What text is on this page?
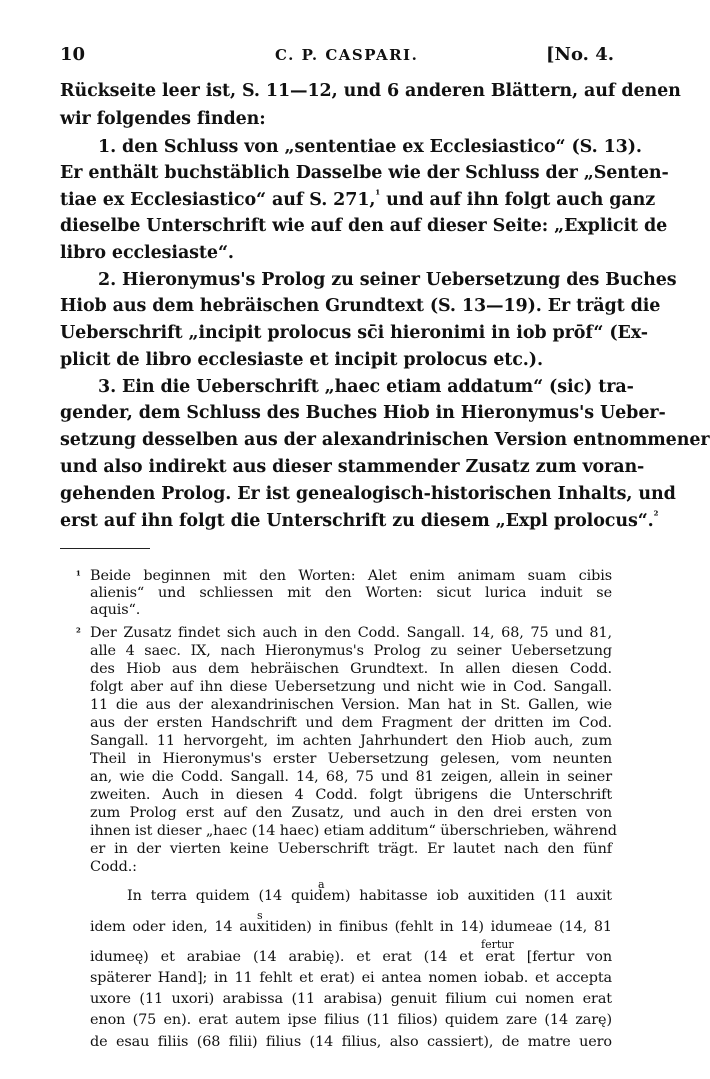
10	C. P. CASPARI.	[No. 4.
Rückseite leer ist, S. 11—12, und 6 anderen Blättern, auf denen
wir folgendes finden:
1. den Schluss von „sententiae ex Ecclesiastico“ (S. 13).
Er enthält buchstäblich Dasselbe wie der Schluss der „Senten-
tiae ex Ecclesiastico“ auf S. 271,$^{^1}$ und auf ihn folgt auch ganz
dieselbe Unterschrift wie auf den auf dieser Seite: „Explicit de
libro ecclesiaste“.
2. Hieronymus's Prolog zu seiner Uebersetzung des Buches
Hiob aus dem hebräischen Grundtext (S. 13—19). Er trägt die
Ueberschrift „incipit prolocus sc̄i hieronimi in iob prōf“ (Ex-
plicit de libro ecclesiaste et incipit prolocus etc.).
3. Ein die Ueberschrift „haec etiam addatum“ (sic) tra-
gender, dem Schluss des Buches Hiob in Hieronymus's Ueber-
setzung desselben aus der alexandrinischen Version entnommener
und also indirekt aus dieser stammender Zusatz zum voran-
gehenden Prolog. Er ist genealogisch-historischen Inhalts, und
erst auf ihn folgt die Unterschrift zu diesem „Expl prolocus“.$^{^2}$
¹ Beide beginnen mit den Worten: Alet enim animam suam cibis
alienis“ und schliessen mit den Worten: sicut lurica induit se
aquis“.
² Der Zusatz findet sich auch in den Codd. Sangall. 14, 68, 75 und 81,
alle 4 saec. IX, nach Hieronymus's Prolog zu seiner Uebersetzung
des Hiob aus dem hebräischen Grundtext. In allen diesen Codd.
folgt aber auf ihn diese Uebersetzung und nicht wie in Cod. Sangall.
11 die aus der alexandrinischen Version. Man hat in St. Gallen, wie
aus der ersten Handschrift und dem Fragment der dritten im Cod.
Sangall. 11 hervorgeht, im achten Jahrhundert den Hiob auch, zum
Theil in Hieronymus's erster Uebersetzung gelesen, vom neunten
an, wie die Codd. Sangall. 14, 68, 75 und 81 zeigen, allein in seiner
zweiten. Auch in diesen 4 Codd. folgt übrigens die Unterschrift
zum Prolog erst auf den Zusatz, und auch in den drei ersten von
ihnen ist dieser „haec (14 haec) etiam additum“ überschrieben, während
er in der vierten keine Ueberschrift trägt. Er lautet nach den fünf
Codd.:
a
In terra quidem (14 quidem) habitasse iob auxitiden (11 auxit
s
idem oder iden, 14 auxitiden) in finibus (fehlt in 14) idumeae (14, 81
fertur
idumeę) et arabiae (14 arabię). et erat (14 et erat [fertur von
späterer Hand]; in 11 fehlt et erat) ei antea nomen iobab. et accepta
uxore (11 uxori) arabissa (11 arabisa) genuit filium cui nomen erat
enon (75 en). erat autem ipse filius (11 filios) quidem zare (14 zarę)
de esau filiis (68 filii) filius (14 filius, also cassiert), de matre uero
